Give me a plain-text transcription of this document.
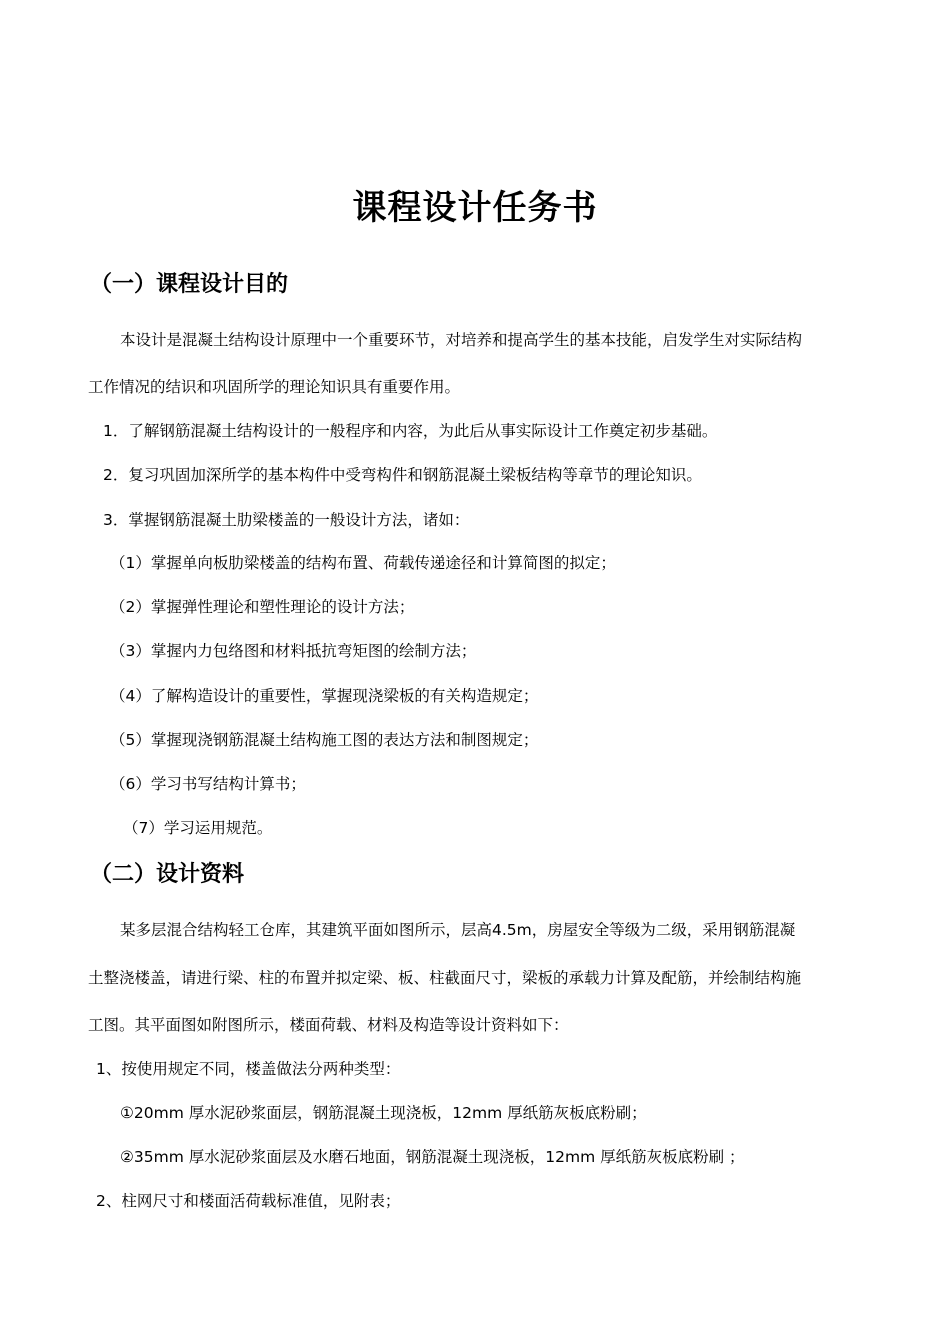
课程设计任务书
（一）课程设计目的
本设计是混凝土结构设计原理中一个重要环节，对培养和提高学生的基本技能，启发学生对实际结构
工作情况的结识和巩固所学的理论知识具有重要作用。
1．了解钢筋混凝土结构设计的一般程序和内容，为此后从事实际设计工作奠定初步基础。
2．复习巩固加深所学的基本构件中受弯构件和钢筋混凝土梁板结构等章节的理论知识。
3．掌握钢筋混凝土肋梁楼盖的一般设计方法，诸如：
（1）掌握单向板肋梁楼盖的结构布置、荷载传递途径和计算简图的拟定；
（2）掌握弹性理论和塑性理论的设计方法；
（3）掌握内力包络图和材料抵抗弯矩图的绘制方法；
（4）了解构造设计的重要性，掌握现浇梁板的有关构造规定；
（5）掌握现浇钢筋混凝土结构施工图的表达方法和制图规定；
（6）学习书写结构计算书；
（7）学习运用规范。
（二）设计资料
某多层混合结构轻工仓库，其建筑平面如图所示，层高4.5m，房屋安全等级为二级，采用钢筋混凝
土整浇楼盖，请进行梁、柱的布置并拟定梁、板、柱截面尺寸，梁板的承载力计算及配筋，并绘制结构施
工图。其平面图如附图所示，楼面荷载、材料及构造等设计资料如下：
1、按使用规定不同，楼盖做法分两种类型：
①20mm 厚水泥砂浆面层，钢筋混凝土现浇板，12mm 厚纸筋灰板底粉刷；
②35mm 厚水泥砂浆面层及水磨石地面，钢筋混凝土现浇板，12mm 厚纸筋灰板底粉刷 ；
2、柱网尺寸和楼面活荷载标准值，见附表；
